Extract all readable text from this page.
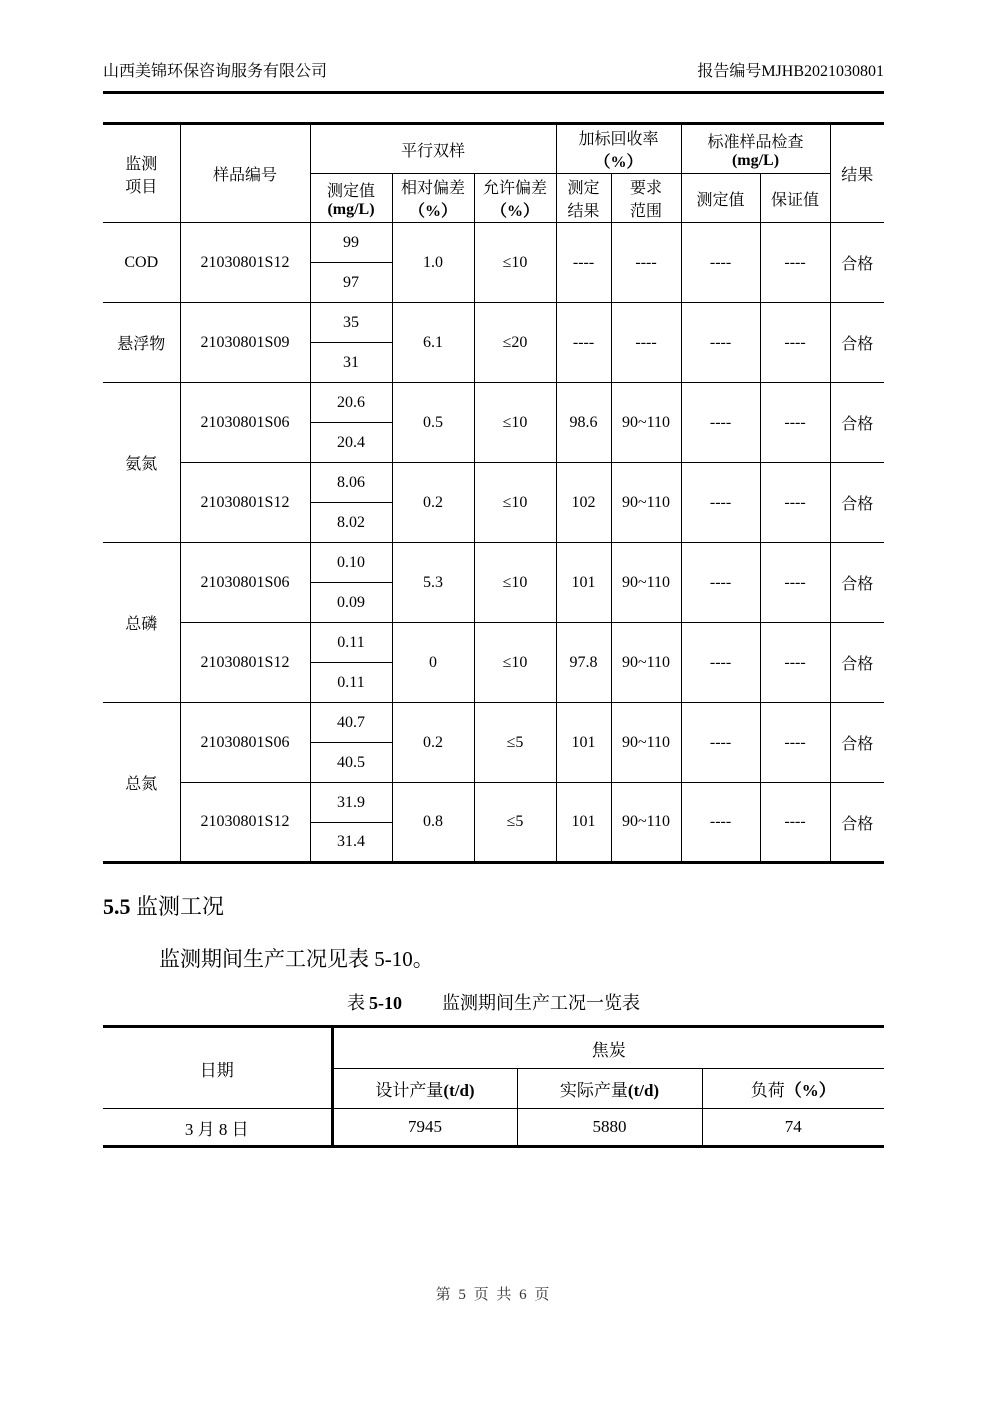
山西美锦环保咨询服务有限公司	报告编号MJHB2021030801
监测项目	样品编号	平行双样			加标回收率（%）		标准样品检查(mg/L)		结果
		测定值(mg/L)	相对偏差（%）	允许偏差（%）	测定结果	要求范围	测定值	保证值	
COD	21030801S12	99	1.0	≤10	----	----	----	----	合格
		97							
悬浮物	21030801S09	35	6.1	≤20	----	----	----	----	合格
		31							
氨氮	21030801S06	20.6	0.5	≤10	98.6	90~110	----	----	合格
		20.4							
	21030801S12	8.06	0.2	≤10	102	90~110	----	----	合格
		8.02							
总磷	21030801S06	0.10	5.3	≤10	101	90~110	----	----	合格
		0.09							
	21030801S12	0.11	0	≤10	97.8	90~110	----	----	合格
		0.11							
总氮	21030801S06	40.7	0.2	≤5	101	90~110	----	----	合格
		40.5							
	21030801S12	31.9	0.8	≤5	101	90~110	----	----	合格
		31.4							
5.5 监测工况
监测期间生产工况见表 5-10。
表 5-10 监测期间生产工况一览表
日期	焦炭		
	设计产量(t/d)	实际产量(t/d)	负荷（%）
3 月 8 日	7945	5880	74
第 5 页 共 6 页
